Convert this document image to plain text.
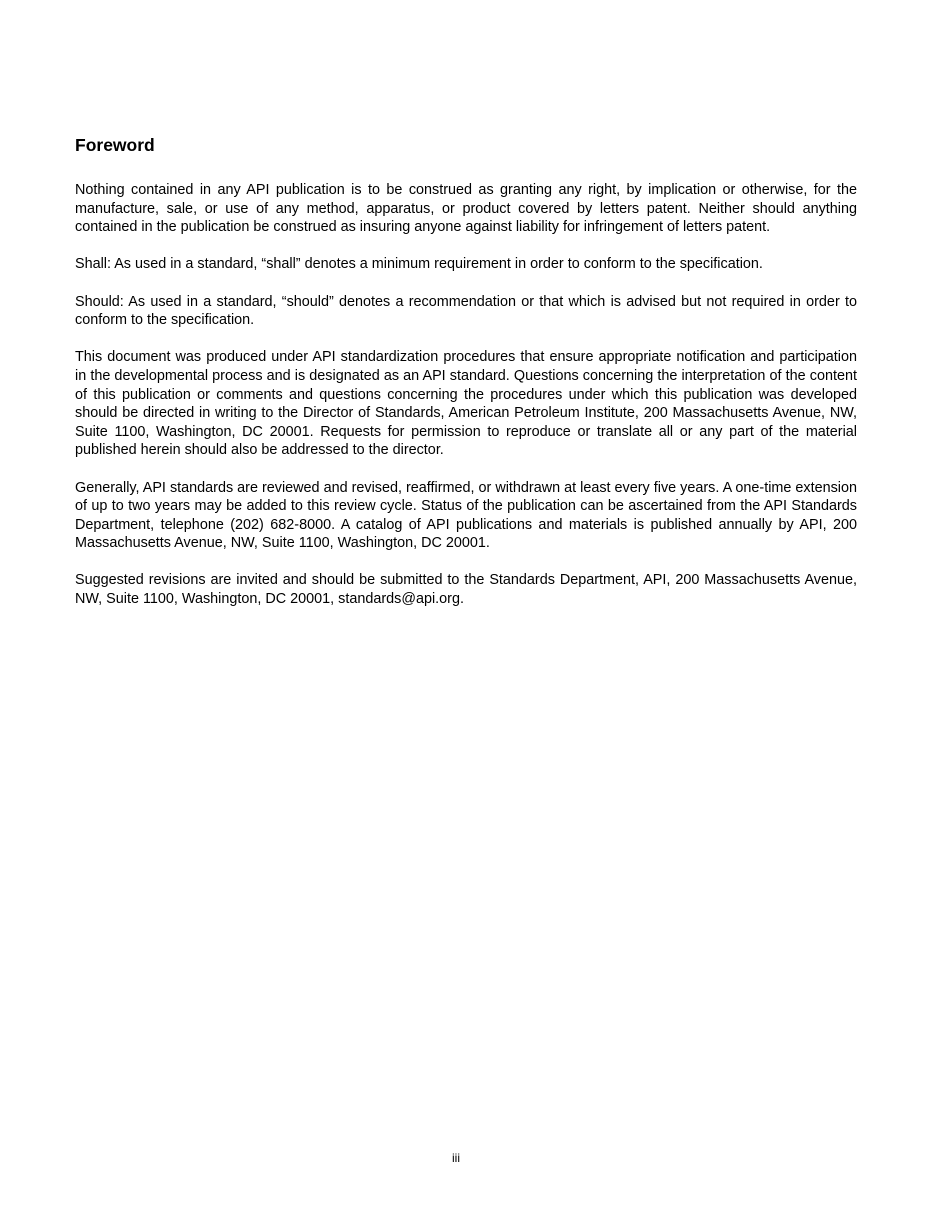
Foreword

Nothing contained in any API publication is to be construed as granting any right, by implication or otherwise, for the manufacture, sale, or use of any method, apparatus, or product covered by letters patent. Neither should anything contained in the publication be construed as insuring anyone against liability for infringement of letters patent.

Shall: As used in a standard, “shall” denotes a minimum requirement in order to conform to the specification.

Should: As used in a standard, “should” denotes a recommendation or that which is advised but not required in order to conform to the specification.

This document was produced under API standardization procedures that ensure appropriate notification and participation in the developmental process and is designated as an API standard. Questions concerning the interpretation of the content of this publication or comments and questions concerning the procedures under which this publication was developed should be directed in writing to the Director of Standards, American Petroleum Institute, 200 Massachusetts Avenue, NW, Suite 1100, Washington, DC 20001. Requests for permission to reproduce or translate all or any part of the material published herein should also be addressed to the director.

Generally, API standards are reviewed and revised, reaffirmed, or withdrawn at least every five years. A one-time extension of up to two years may be added to this review cycle. Status of the publication can be ascertained from the API Standards Department, telephone (202) 682-8000. A catalog of API publications and materials is published annually by API, 200 Massachusetts Avenue, NW, Suite 1100, Washington, DC 20001.

Suggested revisions are invited and should be submitted to the Standards Department, API, 200 Massachusetts Avenue, NW, Suite 1100, Washington, DC 20001, standards@api.org.

iii
